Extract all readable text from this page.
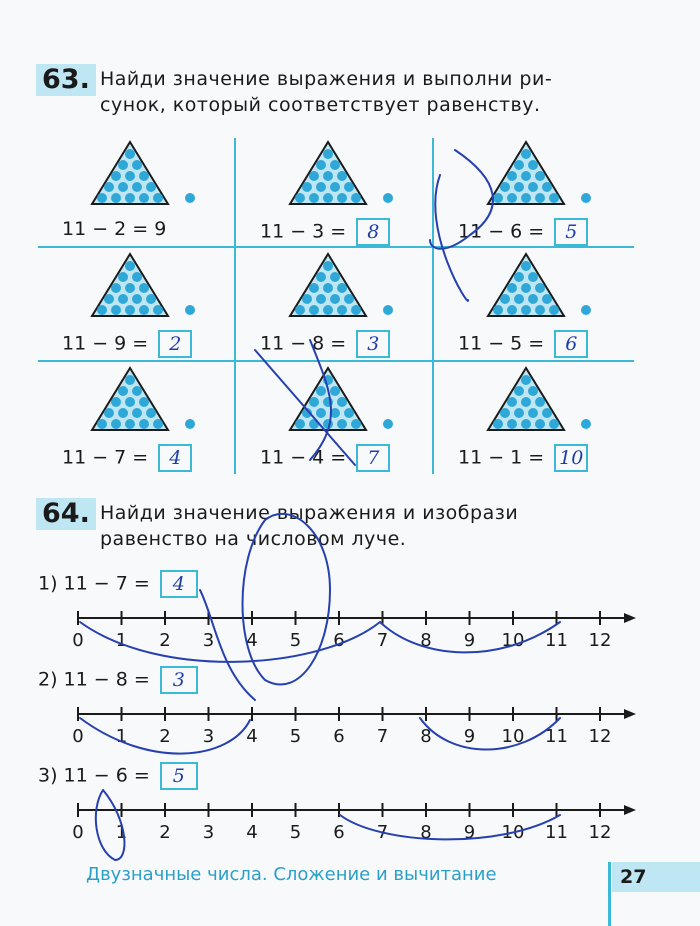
63. Найди значение выражения и выполни ри-
сунок, который соответствует равенству.
11 − 2 = 9	11 − 3 = 8	11 − 6 = 5
11 − 9 = 2	11 − 8 = 3	11 − 5 = 6
11 − 7 = 4	11 − 4 = 7	11 − 1 = 10
64. Найди значение выражения и изобрази
равенство на числовом луче.
1) 11 − 7 = 4
0 1 2 3 4 5 6 7 8 9 10 11 12
2) 11 − 8 = 3
0 1 2 3 4 5 6 7 8 9 10 11 12
3) 11 − 6 = 5
0 1 2 3 4 5 6 7 8 9 10 11 12
Двузначные числа. Сложение и вычитание	27
